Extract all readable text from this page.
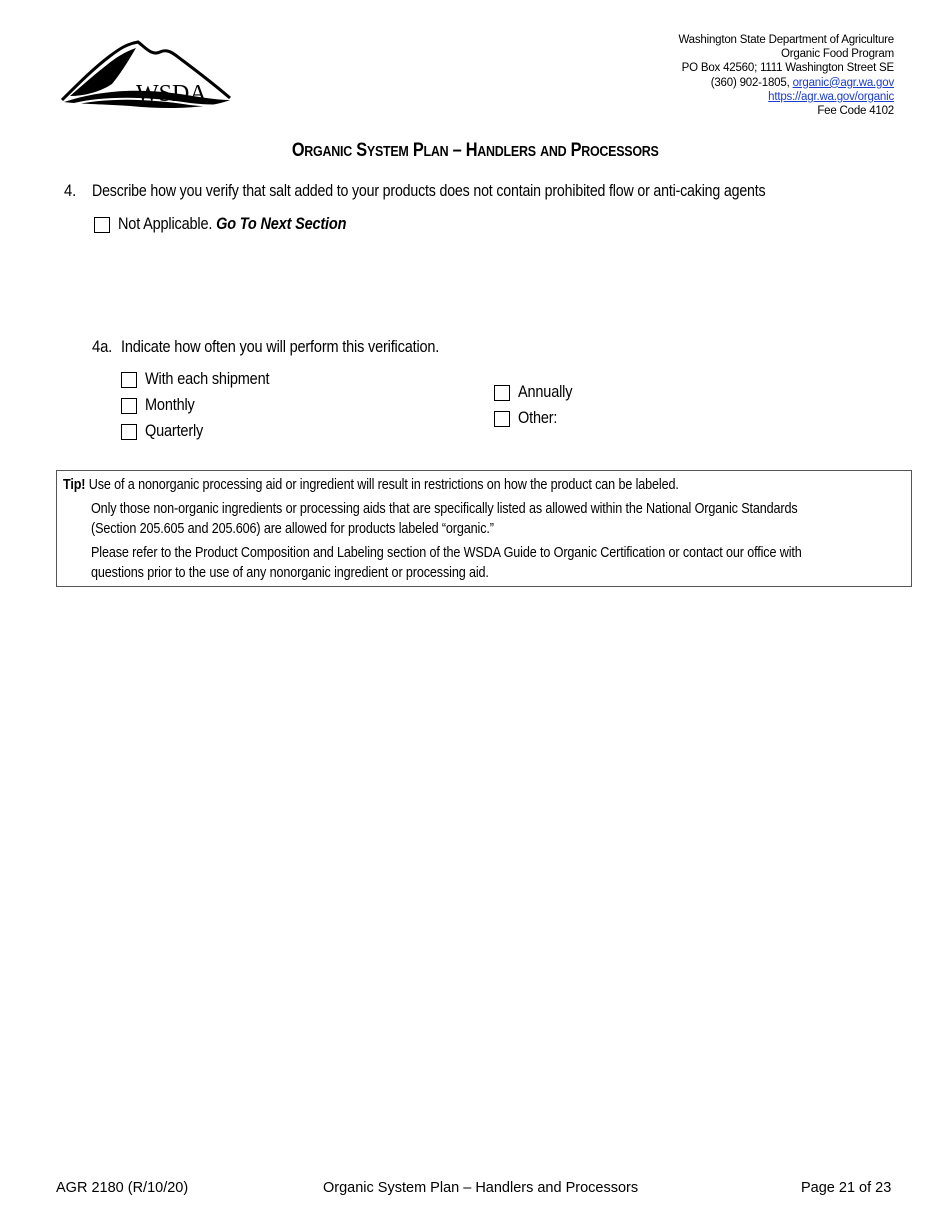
WSDA
Washington State Department of Agriculture
Organic Food Program
PO Box 42560; 1111 Washington Street SE
(360) 902-1805, organic@agr.wa.gov
https://agr.wa.gov/organic
Fee Code 4102
ORGANIC SYSTEM PLAN – HANDLERS AND PROCESSORS
4. Describe how you verify that salt added to your products does not contain prohibited flow or anti-caking agents
Not Applicable. Go To Next Section
4a. Indicate how often you will perform this verification.
With each shipment
Monthly
Quarterly
Annually
Other:
Tip! Use of a nonorganic processing aid or ingredient will result in restrictions on how the product can be labeled.
Only those non-organic ingredients or processing aids that are specifically listed as allowed within the National Organic Standards
(Section 205.605 and 205.606) are allowed for products labeled “organic.”
Please refer to the Product Composition and Labeling section of the WSDA Guide to Organic Certification or contact our office with
questions prior to the use of any nonorganic ingredient or processing aid.
AGR 2180 (R/10/20)	Organic System Plan – Handlers and Processors	Page 21 of 23
